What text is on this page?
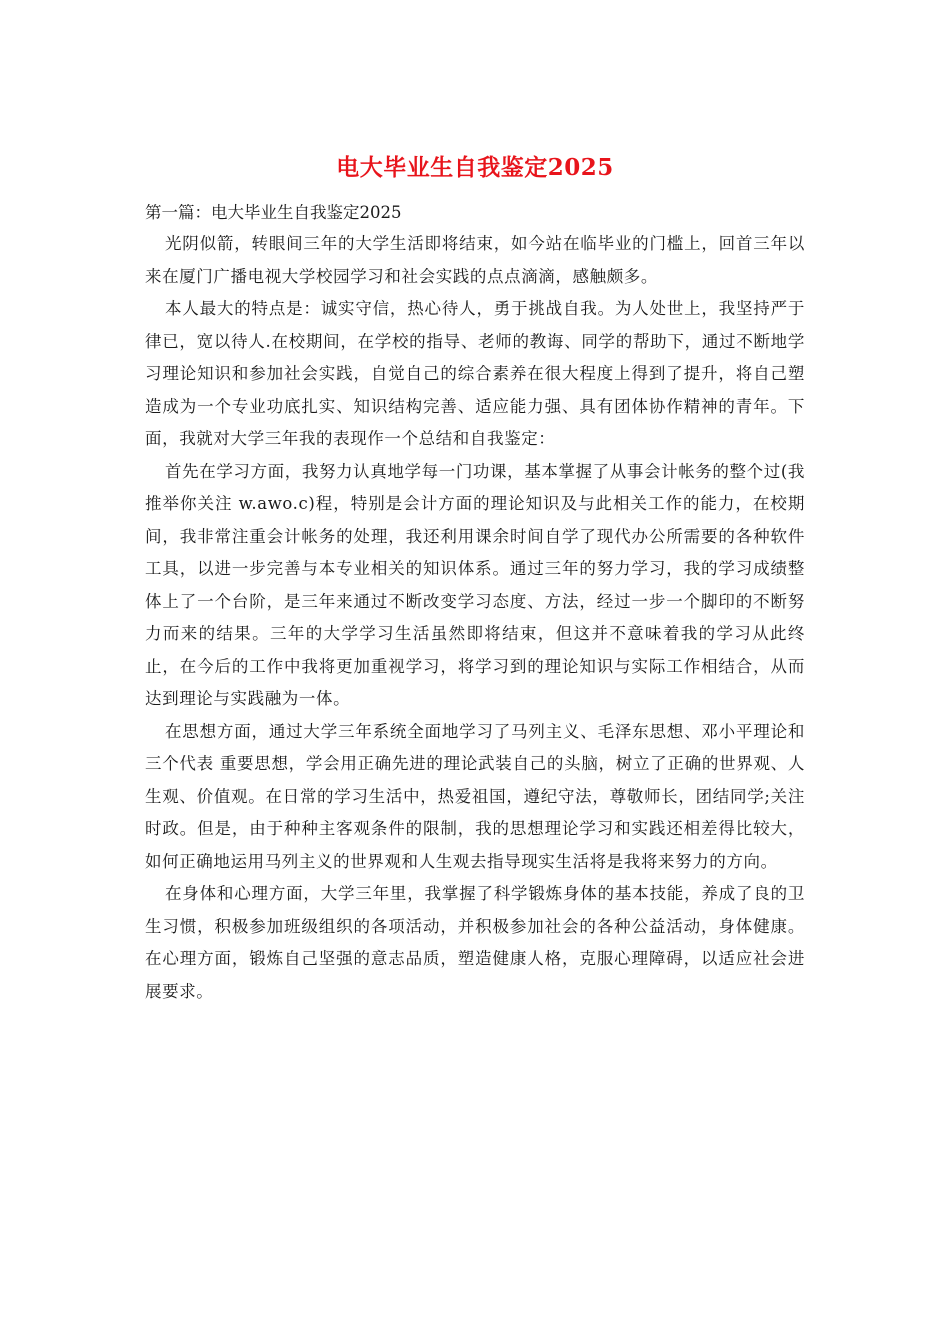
电大毕业生自我鉴定2025

第一篇：电大毕业生自我鉴定2025

光阴似箭，转眼间三年的大学生活即将结束，如今站在临毕业的门槛上，回首三年以来在厦门广播电视大学校园学习和社会实践的点点滴滴，感触颇多。

本人最大的特点是：诚实守信，热心待人，勇于挑战自我。为人处世上，我坚持严于律已，宽以待人.在校期间，在学校的指导、老师的教诲、同学的帮助下，通过不断地学习理论知识和参加社会实践，自觉自己的综合素养在很大程度上得到了提升，将自己塑造成为一个专业功底扎实、知识结构完善、适应能力强、具有团体协作精神的青年。下面，我就对大学三年我的表现作一个总结和自我鉴定：

首先在学习方面，我努力认真地学每一门功课，基本掌握了从事会计帐务的整个过(我推举你关注 w.awo.c)程，特别是会计方面的理论知识及与此相关工作的能力，在校期间，我非常注重会计帐务的处理，我还利用课余时间自学了现代办公所需要的各种软件工具，以进一步完善与本专业相关的知识体系。通过三年的努力学习，我的学习成绩整体上了一个台阶，是三年来通过不断改变学习态度、方法，经过一步一个脚印的不断努力而来的结果。三年的大学学习生活虽然即将结束，但这并不意味着我的学习从此终止，在今后的工作中我将更加重视学习，将学习到的理论知识与实际工作相结合，从而达到理论与实践融为一体。

在思想方面，通过大学三年系统全面地学习了马列主义、毛泽东思想、邓小平理论和 三个代表 重要思想，学会用正确先进的理论武装自己的头脑，树立了正确的世界观、人生观、价值观。在日常的学习生活中，热爱祖国，遵纪守法，尊敬师长，团结同学;关注时政。但是，由于种种主客观条件的限制，我的思想理论学习和实践还相差得比较大，如何正确地运用马列主义的世界观和人生观去指导现实生活将是我将来努力的方向。

在身体和心理方面，大学三年里，我掌握了科学锻炼身体的基本技能，养成了良的卫生习惯，积极参加班级组织的各项活动，并积极参加社会的各种公益活动，身体健康。在心理方面，锻炼自己坚强的意志品质，塑造健康人格，克服心理障碍，以适应社会进展要求。
